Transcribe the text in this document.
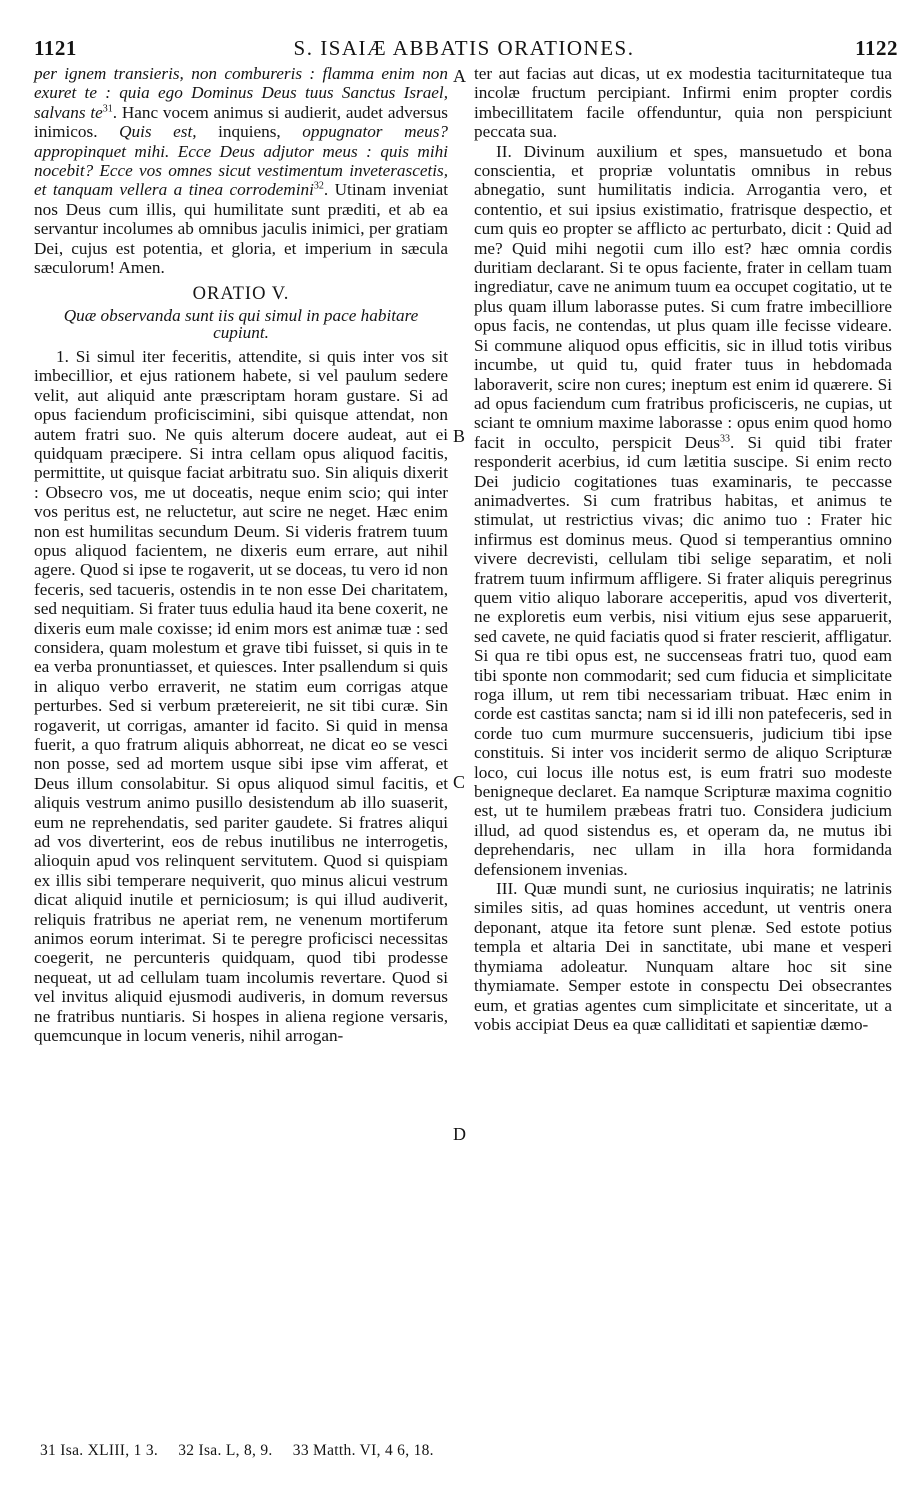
1121	S. ISAIÆ ABBATIS ORATIONES.	1122

per ignem transieris, non combureris : flamma enim non exuret te : quia ego Dominus Deus tuus Sanctus Israel, salvans $te^{31}$. Hanc vocem animus si audierit, audet adversus inimicos. Quis est, inquiens, oppugnator meus? appropinquet mihi. Ecce Deus adjutor meus : quis mihi nocebit? Ecce vos omnes sicut vestimentum inveterascetis, et tanquam vellera a tinea corrodemini$^{32}$. Utinam inveniat nos Deus cum illis, qui humilitate sunt præditi, et ab ea servantur incolumes ab omnibus jaculis inimici, per gratiam Dei, cujus est potentia, et gloria, et imperium in sæcula sæculorum! Amen.

ORATIO V.
Quæ observanda sunt iis qui simul in pace habitare cupiunt.

1. Si simul iter feceritis, attendite, si quis inter vos sit imbecillior, et ejus rationem habete, si vel paulum sedere velit, aut aliquid ante præscriptam horam gustare. Si ad opus faciendum proficiscimini, sibi quisque attendat, non autem fratri suo. Ne quis alterum docere audeat, aut ei quidquam præcipere. Si intra cellam opus aliquod facitis, permittite, ut quisque faciat arbitratu suo. Sin aliquis dixerit : Obsecro vos, me ut doceatis, neque enim scio; qui inter vos peritus est, ne reluctetur, aut scire ne neget. Hæc enim non est humilitas secundum Deum. Si videris fratrem tuum opus aliquod facientem, ne dixeris eum errare, aut nihil agere. Quod si ipse te rogaverit, ut se doceas, tu vero id non feceris, sed tacueris, ostendis in te non esse Dei charitatem, sed nequitiam. Si frater tuus edulia haud ita bene coxerit, ne dixeris eum male coxisse; id enim mors est animæ tuæ : sed considera, quam molestum et grave tibi fuisset, si quis in te ea verba pronuntiasset, et quiesces. Inter psallendum si quis in aliquo verbo erraverit, ne statim eum corrigas atque perturbes. Sed si verbum prætereierit, ne sit tibi curæ. Sin rogaverit, ut corrigas, amanter id facito. Si quid in mensa fuerit, a quo fratrum aliquis abhorreat, ne dicat eo se vesci non posse, sed ad mortem usque sibi ipse vim afferat, et Deus illum consolabitur. Si opus aliquod simul facitis, et aliquis vestrum animo pusillo desistendum ab illo suaserit, eum ne reprehendatis, sed pariter gaudete. Si fratres aliqui ad vos diverterint, eos de rebus inutilibus ne interrogetis, alioquin apud vos relinquent servitutem. Quod si quispiam ex illis sibi temperare nequiverit, quo minus alicui vestrum dicat aliquid inutile et perniciosum; is qui illud audiverit, reliquis fratribus ne aperiat rem, ne venenum mortiferum animos eorum interimat. Si te peregre proficisci necessitas coegerit, ne percunteris quidquam, quod tibi prodesse nequeat, ut ad cellulam tuam incolumis revertare. Quod si vel invitus aliquid ejusmodi audiveris, in domum reversus ne fratribus nuntiaris. Si hospes in aliena regione versaris, quemcunque in locum veneris, nihil arrogan-

ter aut facias aut dicas, ut ex modestia taciturnitateque tua incolæ fructum percipiant. Infirmi enim propter cordis imbecillitatem facile offenduntur, quia non perspiciunt peccata sua.

II. Divinum auxilium et spes, mansuetudo et bona conscientia, et propriæ voluntatis omnibus in rebus abnegatio, sunt humilitatis indicia. Arrogantia vero, et contentio, et sui ipsius existimatio, fratrisque despectio, et cum quis eo propter se afflicto ac perturbato, dicit : Quid ad me? Quid mihi negotii cum illo est? hæc omnia cordis duritiam declarant. Si te opus faciente, frater in cellam tuam ingrediatur, cave ne animum tuum ea occupet cogitatio, ut te plus quam illum laborasse putes. Si cum fratre imbecilliore opus facis, ne contendas, ut plus quam ille fecisse videare. Si commune aliquod opus efficitis, sic in illud totis viribus incumbe, ut quid tu, quid frater tuus in hebdomada laboraverit, scire non cures; ineptum est enim id quærere. Si ad opus faciendum cum fratribus proficisceris, ne cupias, ut sciant te omnium maxime laborasse : opus enim quod homo facit in occulto, perspicit Deus$^{33}$. Si quid tibi frater responderit acerbius, id cum lætitia suscipe. Si enim recto Dei judicio cogitationes tuas examinaris, te peccasse animadvertes. Si cum fratribus habitas, et animus te stimulat, ut restrictius vivas; dic animo tuo : Frater hic infirmus est dominus meus. Quod si temperantius omnino vivere decrevisti, cellulam tibi selige separatim, et noli fratrem tuum infirmum affligere. Si frater aliquis peregrinus quem vitio aliquo laborare acceperitis, apud vos diverterit, ne exploretis eum verbis, nisi vitium ejus sese apparuerit, sed cavete, ne quid faciatis quod si frater rescierit, affligatur. Si qua re tibi opus est, ne succenseas fratri tuo, quod eam tibi sponte non commodarit; sed cum fiducia et simplicitate roga illum, ut rem tibi necessariam tribuat. Hæc enim in corde est castitas sancta; nam si id illi non patefeceris, sed in corde tuo cum murmure succensueris, judicium tibi ipse constituis. Si inter vos inciderit sermo de aliquo Scripturæ loco, cui locus ille notus est, is eum fratri suo modeste benigneque declaret. Ea namque Scripturæ maxima cognitio est, ut te humilem præbeas fratri tuo. Considera judicium illud, ad quod sistendus es, et operam da, ne mutus ibi deprehendaris, nec ullam in illa hora formidanda defensionem invenias.

III. Quæ mundi sunt, ne curiosius inquiratis; ne latrinis similes sitis, ad quas homines accedunt, ut ventris onera deponant, atque ita fetore sunt plenæ. Sed estote potius templa et altaria Dei in sanctitate, ubi mane et vesperi thymiama adoleatur. Nunquam altare hoc sit sine thymiamate. Semper estote in conspectu Dei obsecrantes eum, et gratias agentes cum simplicitate et sinceritate, ut a vobis accipiat Deus ea quæ calliditati et sapientiæ dæmo-

A
B
C
D
31 Isa. XLIII, 1 3. 32 Isa. L, 8, 9. 33 Matth. VI, 4 6, 18.
